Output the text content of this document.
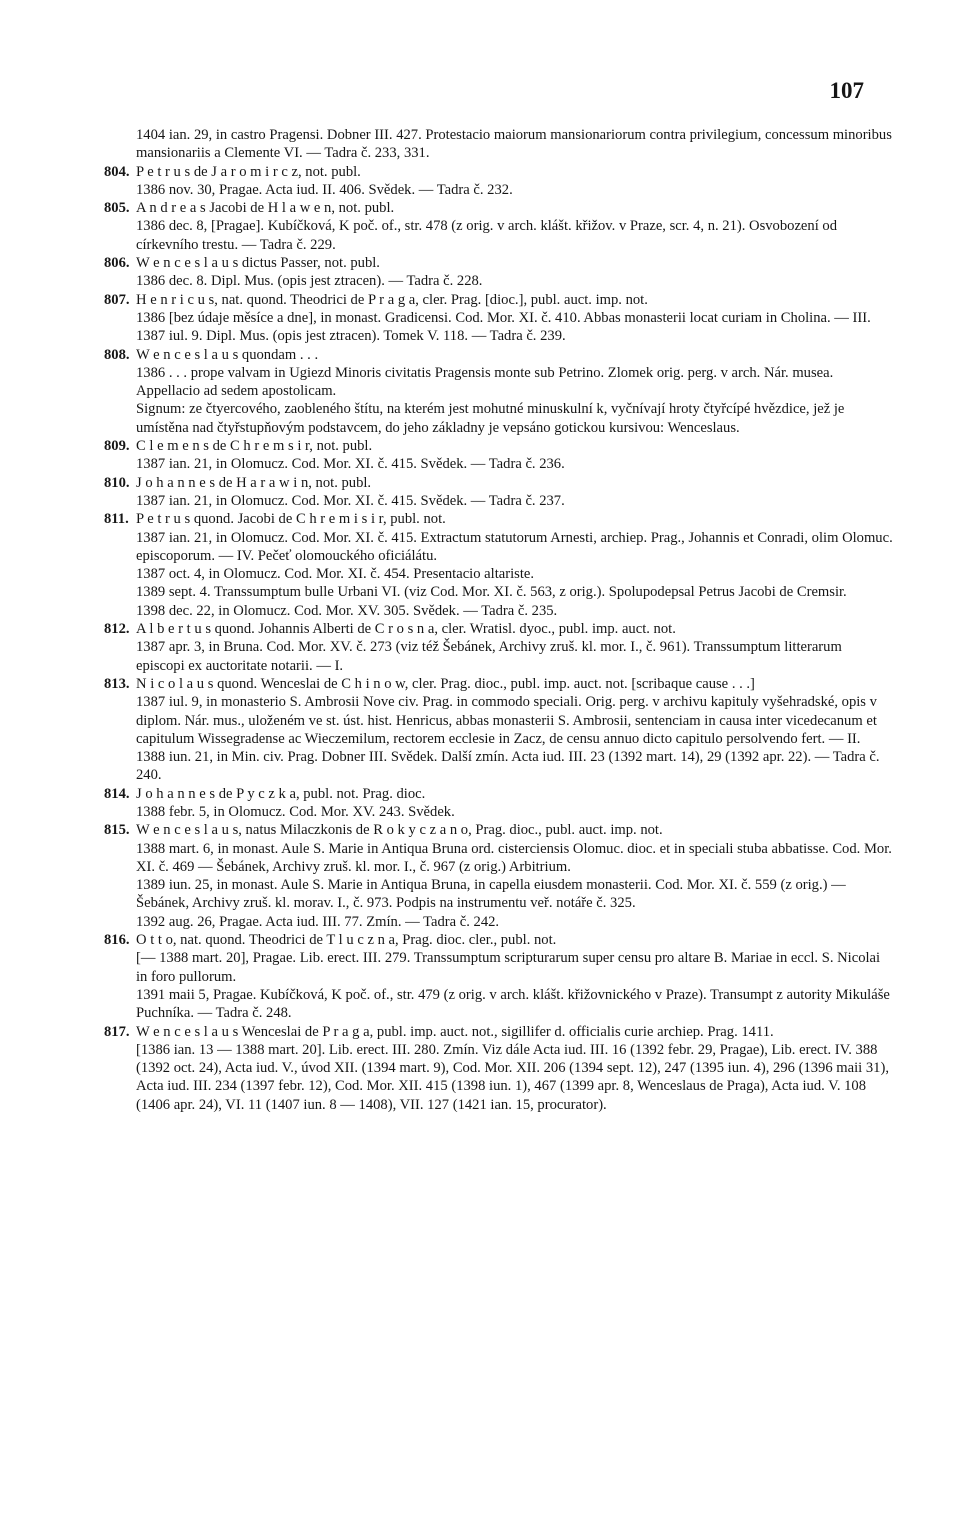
107
1404 ian. 29, in castro Pragensi. Dobner III. 427. Protestacio maiorum mansionariorum contra privilegium, concessum minoribus mansionariis a Clemente VI. — Tadra č. 233, 331.
804. P e t r u s de J a r o m i r c z, not. publ.
1386 nov. 30, Pragae. Acta iud. II. 406. Svědek. — Tadra č. 232.
805. A n d r e a s Jacobi de H l a w e n, not. publ.
1386 dec. 8, [Pragae]. Kubíčková, K poč. of., str. 478 (z orig. v arch. klášt. křižov. v Praze, scr. 4, n. 21). Osvobození od církevního trestu. — Tadra č. 229.
806. W e n c e s l a u s dictus Passer, not. publ.
1386 dec. 8. Dipl. Mus. (opis jest ztracen). — Tadra č. 228.
807. H e n r i c u s, nat. quond. Theodrici de P r a g a, cler. Prag. [dioc.], publ. auct. imp. not.
1386 [bez údaje měsíce a dne], in monast. Gradicensi. Cod. Mor. XI. č. 410. Abbas monasterii locat curiam in Cholina. — III.
1387 iul. 9. Dipl. Mus. (opis jest ztracen). Tomek V. 118. — Tadra č. 239.
808. W e n c e s l a u s quondam . . .
1386 . . . prope valvam in Ugiezd Minoris civitatis Pragensis monte sub Petrino. Zlomek orig. perg. v arch. Nár. musea. Appellacio ad sedem apostolicam.
Signum: ze čtyercového, zaobleného štítu, na kterém jest mohutné minuskulní k, vyčnívají hroty čtyřcípé hvězdice, jež je umístěna nad čtyřstupňovým podstavcem, do jeho základny je vepsáno gotickou kursivou: Wenceslaus.
809. C l e m e n s de C h r e m s i r, not. publ.
1387 ian. 21, in Olomucz. Cod. Mor. XI. č. 415. Svědek. — Tadra č. 236.
810. J o h a n n e s de H a r a w i n, not. publ.
1387 ian. 21, in Olomucz. Cod. Mor. XI. č. 415. Svědek. — Tadra č. 237.
811. P e t r u s quond. Jacobi de C h r e m i s i r, publ. not.
1387 ian. 21, in Olomucz. Cod. Mor. XI. č. 415. Extractum statutorum Arnesti, archiep. Prag., Johannis et Conradi, olim Olomuc. episcoporum. — IV. Pečeť olomouckého oficiálátu.
1387 oct. 4, in Olomucz. Cod. Mor. XI. č. 454. Presentacio altariste.
1389 sept. 4. Transsumptum bulle Urbani VI. (viz Cod. Mor. XI. č. 563, z orig.). Spolupodepsal Petrus Jacobi de Cremsir.
1398 dec. 22, in Olomucz. Cod. Mor. XV. 305. Svědek. — Tadra č. 235.
812. A l b e r t u s quond. Johannis Alberti de C r o s n a, cler. Wratisl. dyoc., publ. imp. auct. not.
1387 apr. 3, in Bruna. Cod. Mor. XV. č. 273 (viz též Šebánek, Archivy zruš. kl. mor. I., č. 961). Transsumptum litterarum episcopi ex auctoritate notarii. — I.
813. N i c o l a u s quond. Wenceslai de C h i n o w, cler. Prag. dioc., publ. imp. auct. not. [scribaque cause . . .]
1387 iul. 9, in monasterio S. Ambrosii Nove civ. Prag. in commodo speciali. Orig. perg. v archivu kapituly vyšehradské, opis v diplom. Nár. mus., uloženém ve st. úst. hist. Henricus, abbas monasterii S. Ambrosii, sentenciam in causa inter vicedecanum et capitulum Wissegradense ac Wieczemilum, rectorem ecclesie in Zacz, de censu annuo dicto capitulo persolvendo fert. — II.
1388 iun. 21, in Min. civ. Prag. Dobner III. Svědek. Další zmín. Acta iud. III. 23 (1392 mart. 14), 29 (1392 apr. 22). — Tadra č. 240.
814. J o h a n n e s de P y c z k a, publ. not. Prag. dioc.
1388 febr. 5, in Olomucz. Cod. Mor. XV. 243. Svědek.
815. W e n c e s l a u s, natus Milaczkonis de R o k y c z a n o, Prag. dioc., publ. auct. imp. not.
1388 mart. 6, in monast. Aule S. Marie in Antiqua Bruna ord. cisterciensis Olomuc. dioc. et in speciali stuba abbatisse. Cod. Mor. XI. č. 469 — Šebánek, Archivy zruš. kl. mor. I., č. 967 (z orig.) Arbitrium.
1389 iun. 25, in monast. Aule S. Marie in Antiqua Bruna, in capella eiusdem monasterii. Cod. Mor. XI. č. 559 (z orig.) — Šebánek, Archivy zruš. kl. morav. I., č. 973. Podpis na instrumentu veř. notáře č. 325.
1392 aug. 26, Pragae. Acta iud. III. 77. Zmín. — Tadra č. 242.
816. O t t o, nat. quond. Theodrici de T l u c z n a, Prag. dioc. cler., publ. not.
[— 1388 mart. 20], Pragae. Lib. erect. III. 279. Transsumptum scripturarum super censu pro altare B. Mariae in eccl. S. Nicolai in foro pullorum.
1391 maii 5, Pragae. Kubíčková, K poč. of., str. 479 (z orig. v arch. klášt. křižovnického v Praze). Transumpt z autority Mikuláše Puchníka. — Tadra č. 248.
817. W e n c e s l a u s Wenceslai de P r a g a, publ. imp. auct. not., sigillifer d. officialis curie archiep. Prag. 1411.
[1386 ian. 13 — 1388 mart. 20]. Lib. erect. III. 280. Zmín. Viz dále Acta iud. III. 16 (1392 febr. 29, Pragae), Lib. erect. IV. 388 (1392 oct. 24), Acta iud. V., úvod XII. (1394 mart. 9), Cod. Mor. XII. 206 (1394 sept. 12), 247 (1395 iun. 4), 296 (1396 maii 31), Acta iud. III. 234 (1397 febr. 12), Cod. Mor. XII. 415 (1398 iun. 1), 467 (1399 apr. 8, Wenceslaus de Praga), Acta iud. V. 108 (1406 apr. 24), VI. 11 (1407 iun. 8 — 1408), VII. 127 (1421 ian. 15, procurator).
